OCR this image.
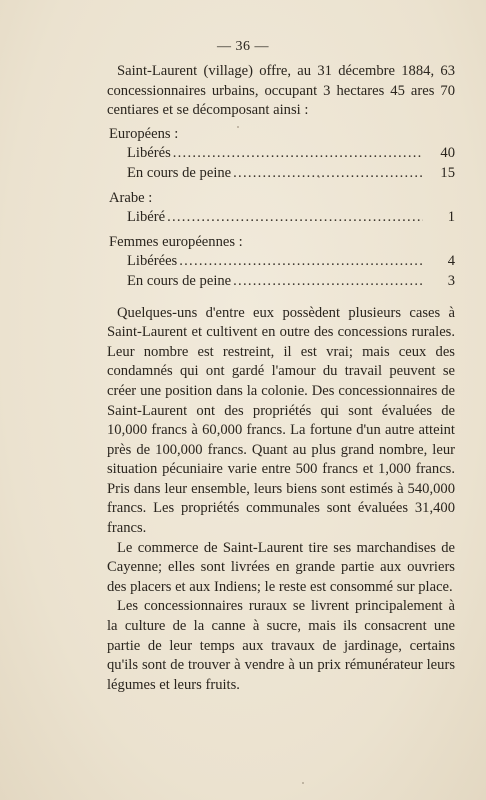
— 36 —

Saint-Laurent (village) offre, au 31 décembre 1884, 63 concessionnaires urbains, occupant 3 hectares 45 ares 70 centiares et se décomposant ainsi :

Européens :
Libérés . . .	40
En cours de peine . . .	15
Arabe :
Libéré . . .	1
Femmes européennes :
Libérées . . .	4
En cours de peine . . .	3

Quelques-uns d'entre eux possèdent plusieurs cases à Saint-Laurent et cultivent en outre des concessions rurales. Leur nombre est restreint, il est vrai; mais ceux des condamnés qui ont gardé l'amour du travail peuvent se créer une position dans la colonie. Des concessionnaires de Saint-Laurent ont des propriétés qui sont évaluées de 10,000 francs à 60,000 francs. La fortune d'un autre atteint près de 100,000 francs. Quant au plus grand nombre, leur situation pécuniaire varie entre 500 francs et 1,000 francs. Pris dans leur ensemble, leurs biens sont estimés à 540,000 francs. Les propriétés communales sont évaluées 31,400 francs.

Le commerce de Saint-Laurent tire ses marchandises de Cayenne; elles sont livrées en grande partie aux ouvriers des placers et aux Indiens; le reste est consommé sur place.

Les concessionnaires ruraux se livrent principalement à la culture de la canne à sucre, mais ils consacrent une partie de leur temps aux travaux de jardinage, certains qu'ils sont de trouver à vendre à un prix rémunérateur leurs légumes et leurs fruits.
